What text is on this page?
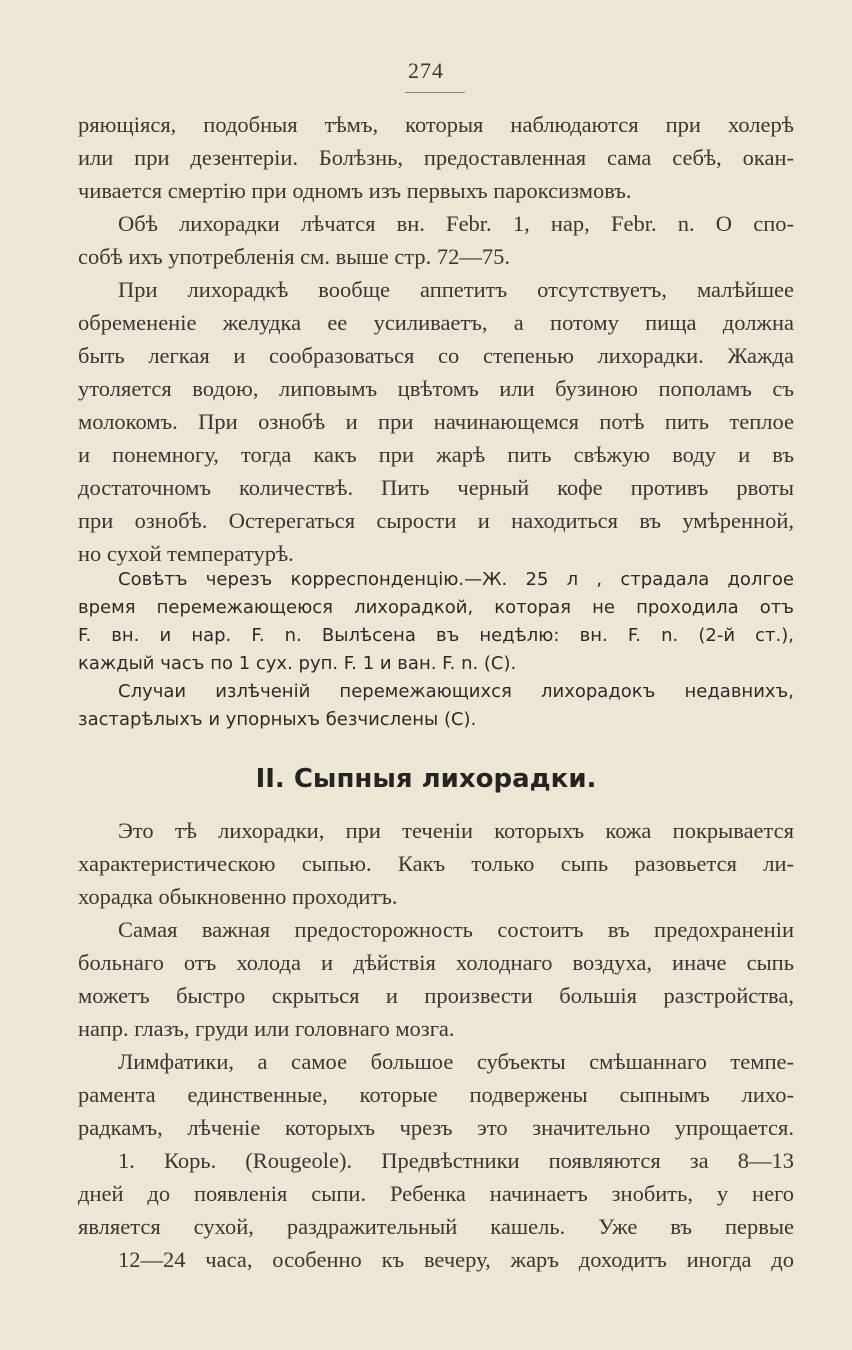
274
ряющіяся, подобныя тѣмъ, которыя наблюдаются при холерѣ
или при дезентеріи. Болѣзнь, предоставленная сама себѣ, окан-
чивается смертію при одномъ изъ первыхъ пароксизмовъ.
Обѣ лихорадки лѣчатся вн. Febr. 1, нар, Febr. n. О спо-
собѣ ихъ употребленія см. выше стр. 72—75.
При лихорадкѣ вообще аппетитъ отсутствуетъ, малѣйшее
обремененіе желудка ее усиливаетъ, а потому пища должна
быть легкая и сообразоваться со степенью лихорадки. Жажда
утоляется водою, липовымъ цвѣтомъ или бузиною пополамъ съ
молокомъ. При ознобѣ и при начинающемся потѣ пить теплое
и понемногу, тогда какъ при жарѣ пить свѣжую воду и въ
достаточномъ количествѣ. Пить черный кофе противъ рвоты
при ознобѣ. Остерегаться сырости и находиться въ умѣренной,
но сухой температурѣ.
Совѣтъ черезъ корреспонденцію.—Ж. 25 л , страдала долгое
время перемежающеюся лихорадкой, которая не проходила отъ
F. вн. и нар. F. n. Вылѣсена въ недѣлю: вн. F. n. (2-й ст.),
каждый часъ по 1 сух. руп. F. 1 и ван. F. n. (С).
Случаи излѣченій перемежающихся лихорадокъ недавнихъ,
застарѣлыхъ и упорныхъ безчислены (С).
II. Сыпныя лихорадки.
Это тѣ лихорадки, при теченіи которыхъ кожа покрывается
характеристическою сыпью. Какъ только сыпь разовьется ли-
хорадка обыкновенно проходитъ.
Самая важная предосторожность состоитъ въ предохраненіи
больнаго отъ холода и дѣйствія холоднаго воздуха, иначе сыпь
можетъ быстро скрыться и произвести большія разстройства,
напр. глазъ, груди или головнаго мозга.
Лимфатики, а самое большое субъекты смѣшаннаго темпе-
рамента единственные, которые подвержены сыпнымъ лихо-
радкамъ, лѣченіе которыхъ чрезъ это значительно упрощается.
1. Корь. (Rougeole). Предвѣстники появляются за 8—13
дней до появленія сыпи. Ребенка начинаетъ знобить, у него
является сухой, раздражительный кашель. Уже въ первые
12—24 часа, особенно къ вечеру, жаръ доходитъ иногда до
